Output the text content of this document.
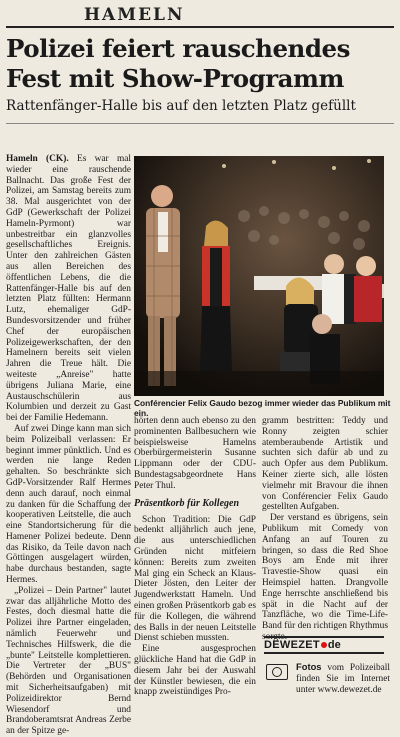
HAMELN
Polizei feiert rauschendes
Fest mit Show-Programm
Rattenfänger-Halle bis auf den letzten Platz gefüllt

Hameln (CK). Es war mal wieder eine rauschende Ballnacht. Das große Fest der Polizei, am Samstag bereits zum 38. Mal ausgerichtet von der GdP (Gewerkschaft der Polizei Hameln-Pyrmont) war unbestreitbar ein glanzvolles gesellschaftliches Ereignis. Unter den zahlreichen Gästen aus allen Bereichen des öffentlichen Lebens, die die Rattenfänger-Halle bis auf den letzten Platz füllten: Hermann Lutz, ehemaliger GdP-Bundesvorsitzender und früher Chef der europäischen Polizeigewerkschaften, der den Hamelnern bereits seit vielen Jahren die Treue hält. Die weiteste „Anreise" hatte übrigens Juliana Marie, eine Austauschschülerin aus Kolumbien und derzeit zu Gast bei der Familie Hedemann.

Auf zwei Dinge kann man sich beim Polizeiball verlassen: Er beginnt immer pünktlich. Und es werden nie lange Reden gehalten. So beschränkte sich GdP-Vorsitzender Ralf Hermes denn auch darauf, noch einmal zu danken für die Schaffung der kooperativen Leitstelle, die auch eine Standortsicherung für die Hamener Polizei bedeute. Denn das Risiko, da Teile davon nach Göttingen ausgelagert würden, habe durchaus bestanden, sagte Hermes.

„Polizei – Dein Partner" lautet zwar das alljährliche Motto des Festes, doch diesmal hatte die Polizei ihre Partner eingeladen, nämlich Feuerwehr und Technisches Hilfswerk, die die „bunte" Leitstelle komplettieren. Die Vertreter der „BUS" (Behörden und Organisationen mit Sicherheitsaufgaben) mit Polizeidirektor Bernd Wiesendorf und Brandoberamtsrat Andreas Zerbe an der Spitze ge-

Conférencier Felix Gaudo bezog immer wieder das Publikum mit ein.

hörten denn auch ebenso zu den prominenten Ballbesuchern wie beispielsweise Hamelns Oberbürgermeisterin Susanne Lippmann oder der CDU-Bundestagsabgeordnete Hans Peter Thul.

Präsentkorb für Kollegen

Schon Tradition: Die GdP bedenkt alljährlich auch jene, die aus unterschiedlichen Gründen nicht mitfeiern können: Bereits zum zweiten Mal ging ein Scheck an Klaus-Dieter Jösten, den Leiter der Jugendwerkstatt Hameln. Und einen großen Präsentkorb gab es für die Kollegen, die während des Balls in der neuen Leitstelle Dienst schieben mussten.

Eine ausgesprochen glückliche Hand hat die GdP in diesem Jahr bei der Auswahl der Künstler bewiesen, die ein knapp zweistündiges Pro-

gramm bestritten: Teddy und Ronny zeigten schier atemberaubende Artistik und suchten sich dafür ab und zu auch Opfer aus dem Publikum. Keiner zierte sich, alle lösten vielmehr mit Bravour die ihnen von Conférencier Felix Gaudo gestellten Aufgaben.

Der verstand es übrigens, sein Publikum mit Comedy von Anfang an auf Touren zu bringen, so dass die Red Shoe Boys am Ende mit ihrer Travestie-Show quasi ein Heimspiel hatten. Drangvolle Enge herrschte anschließend bis spät in die Nacht auf der Tanzfläche, wo die Time-Life-Band für den richtigen Rhythmus sorgte.

DEWEZET de
Fotos vom Polizeiball finden Sie im Internet unter www.dewezet.de
